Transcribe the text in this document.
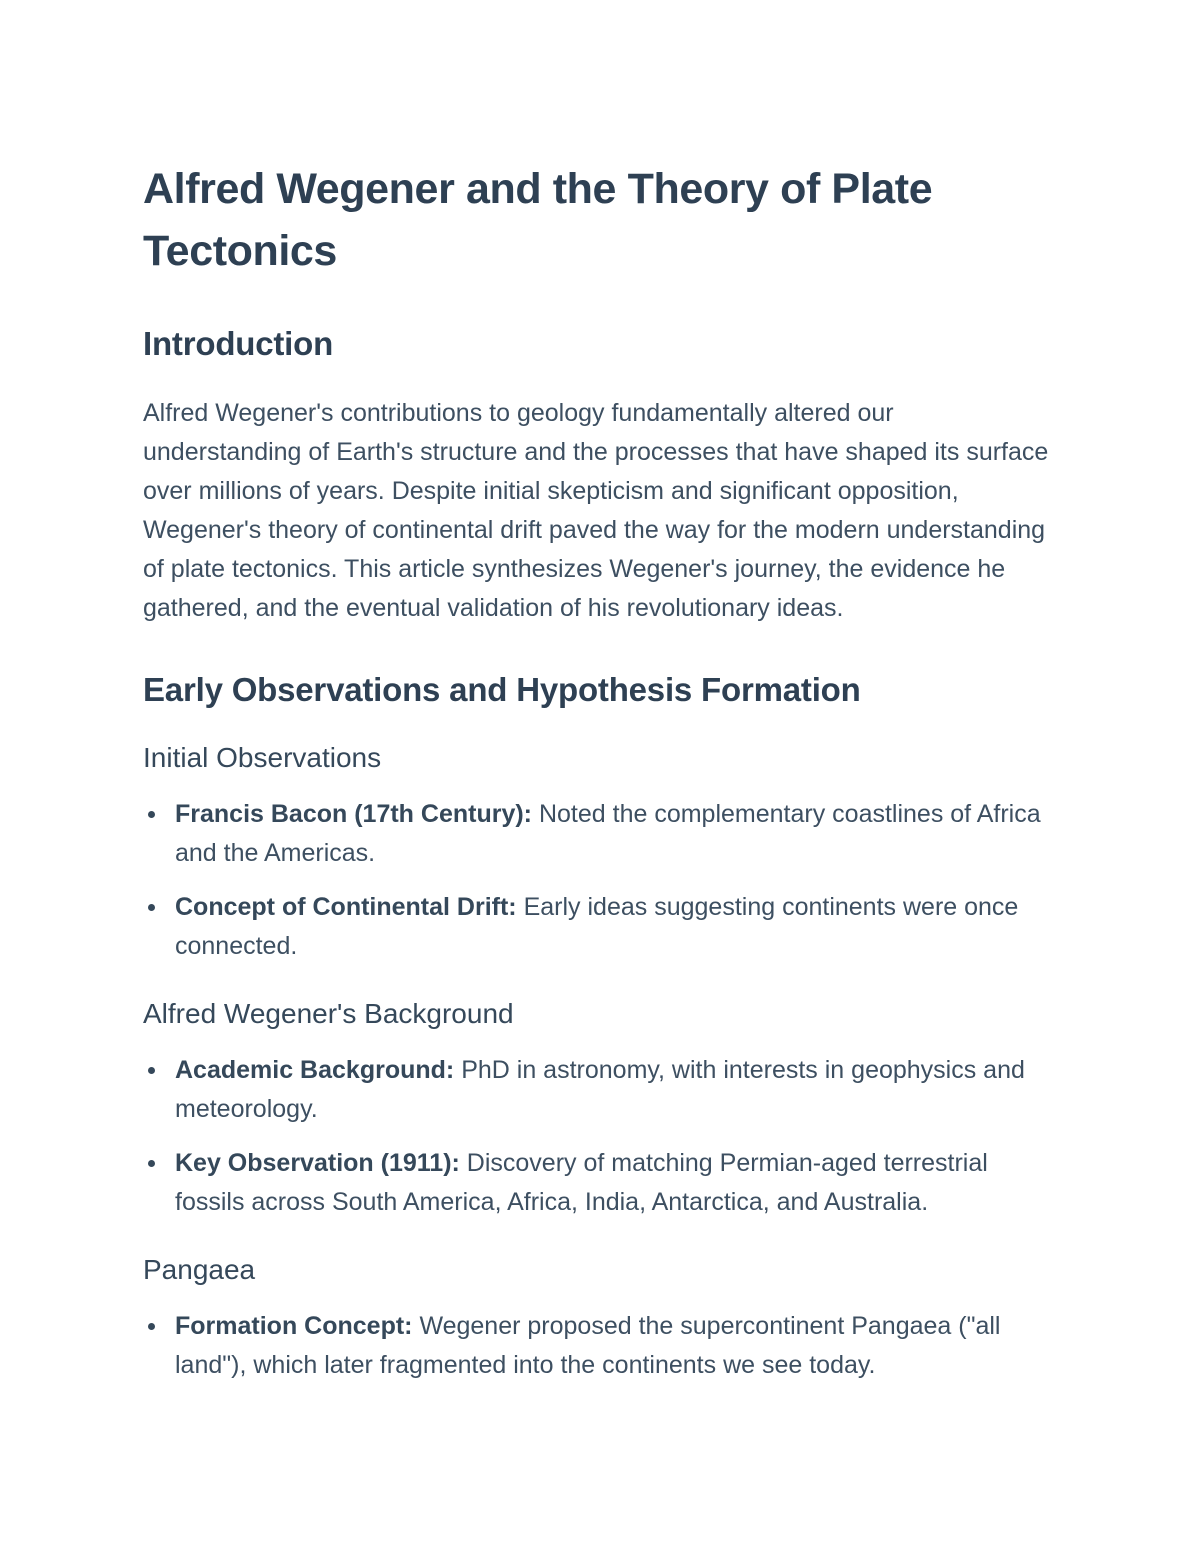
Alfred Wegener and the Theory of Plate Tectonics
Introduction

Alfred Wegener's contributions to geology fundamentally altered our understanding of Earth's structure and the processes that have shaped its surface over millions of years. Despite initial skepticism and significant opposition, Wegener's theory of continental drift paved the way for the modern understanding of plate tectonics. This article synthesizes Wegener's journey, the evidence he gathered, and the eventual validation of his revolutionary ideas.

Early Observations and Hypothesis Formation
Initial Observations
Francis Bacon (17th Century): Noted the complementary coastlines of Africa and the Americas.
Concept of Continental Drift: Early ideas suggesting continents were once connected.
Alfred Wegener's Background
Academic Background: PhD in astronomy, with interests in geophysics and meteorology.
Key Observation (1911): Discovery of matching Permian-aged terrestrial fossils across South America, Africa, India, Antarctica, and Australia.
Pangaea
Formation Concept: Wegener proposed the supercontinent Pangaea ("all land"), which later fragmented into the continents we see today.
